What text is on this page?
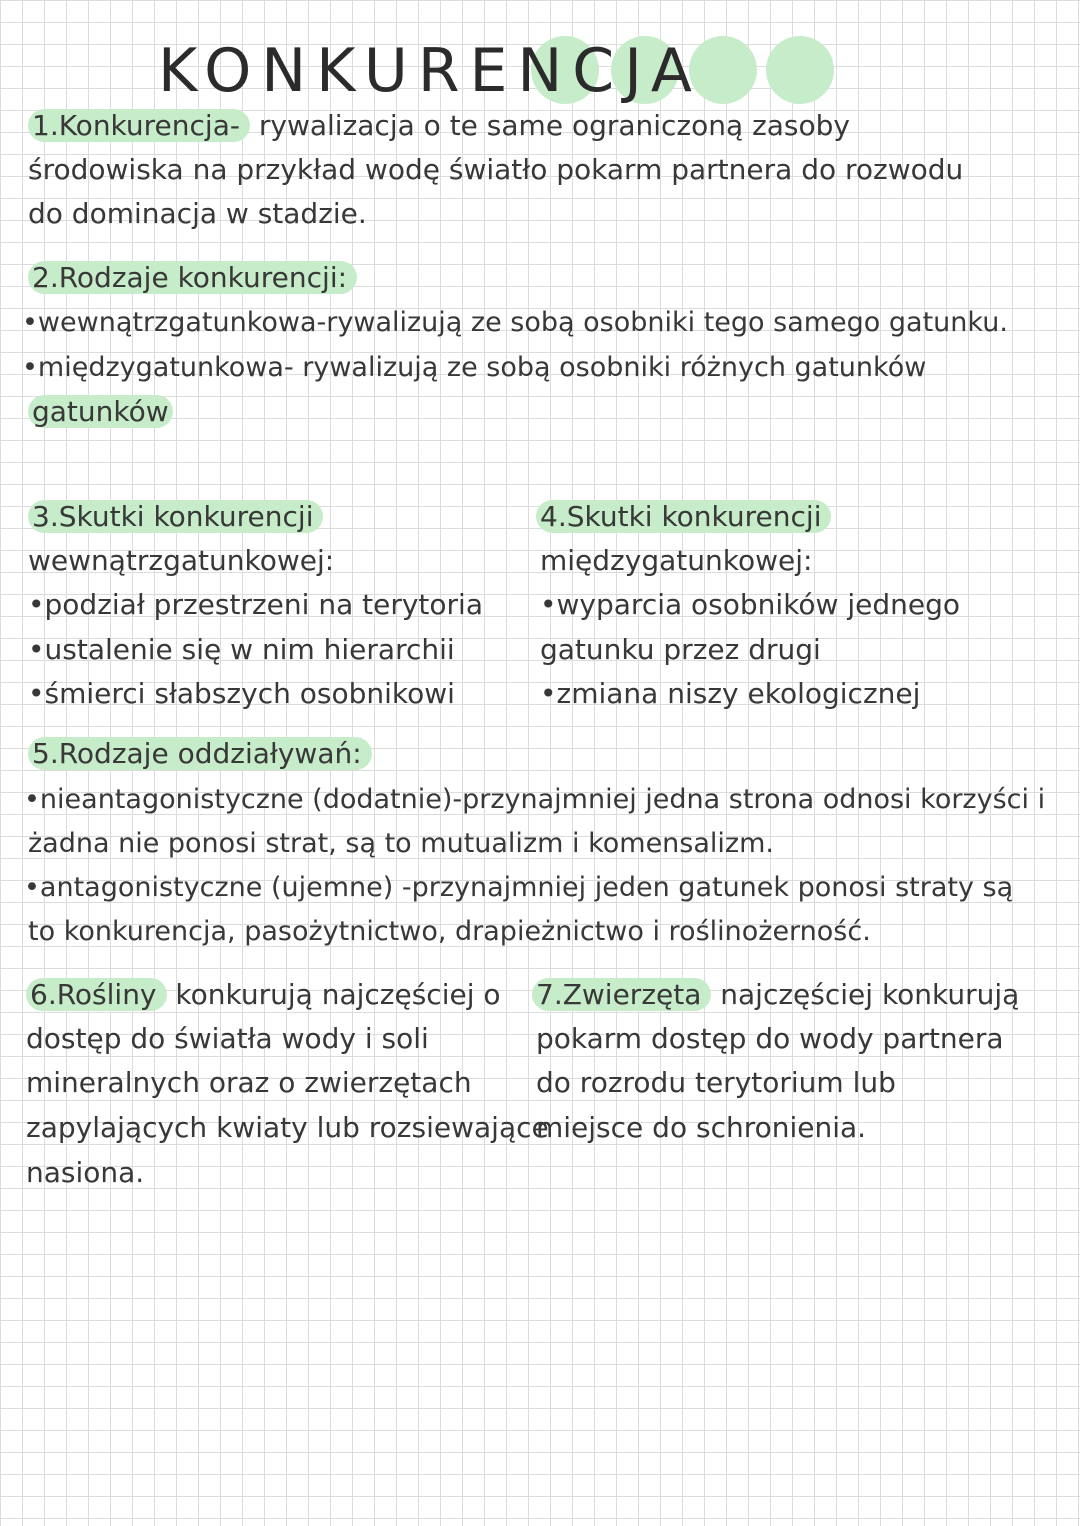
KONKURENCJA
1.Konkurencja- rywalizacja o te same ograniczoną zasoby
środowiska na przykład wodę światło pokarm partnera do rozwodu
do dominacja w stadzie.
2.Rodzaje konkurencji:
•wewnątrzgatunkowa-rywalizują ze sobą osobniki tego samego gatunku.
•międzygatunkowa- rywalizują ze sobą osobniki różnych gatunków
gatunków
3.Skutki konkurencji
wewnątrzgatunkowej:
•podział przestrzeni na terytoria
•ustalenie się w nim hierarchii
•śmierci słabszych osobnikowi
4.Skutki konkurencji
międzygatunkowej:
•wyparcia osobników jednego
gatunku przez drugi
•zmiana niszy ekologicznej
5.Rodzaje oddziaływań:
•nieantagonistyczne (dodatnie)-przynajmniej jedna strona odnosi korzyści i
żadna nie ponosi strat, są to mutualizm i komensalizm.
•antagonistyczne (ujemne) -przynajmniej jeden gatunek ponosi straty są
to konkurencja, pasożytnictwo, drapieżnictwo i roślinożerność.
6.Rośliny konkurują najczęściej o
dostęp do światła wody i soli
mineralnych oraz o zwierzętach
zapylających kwiaty lub rozsiewające
nasiona.
7.Zwierzęta najczęściej konkurują
pokarm dostęp do wody partnera
do rozrodu terytorium lub
miejsce do schronienia.
